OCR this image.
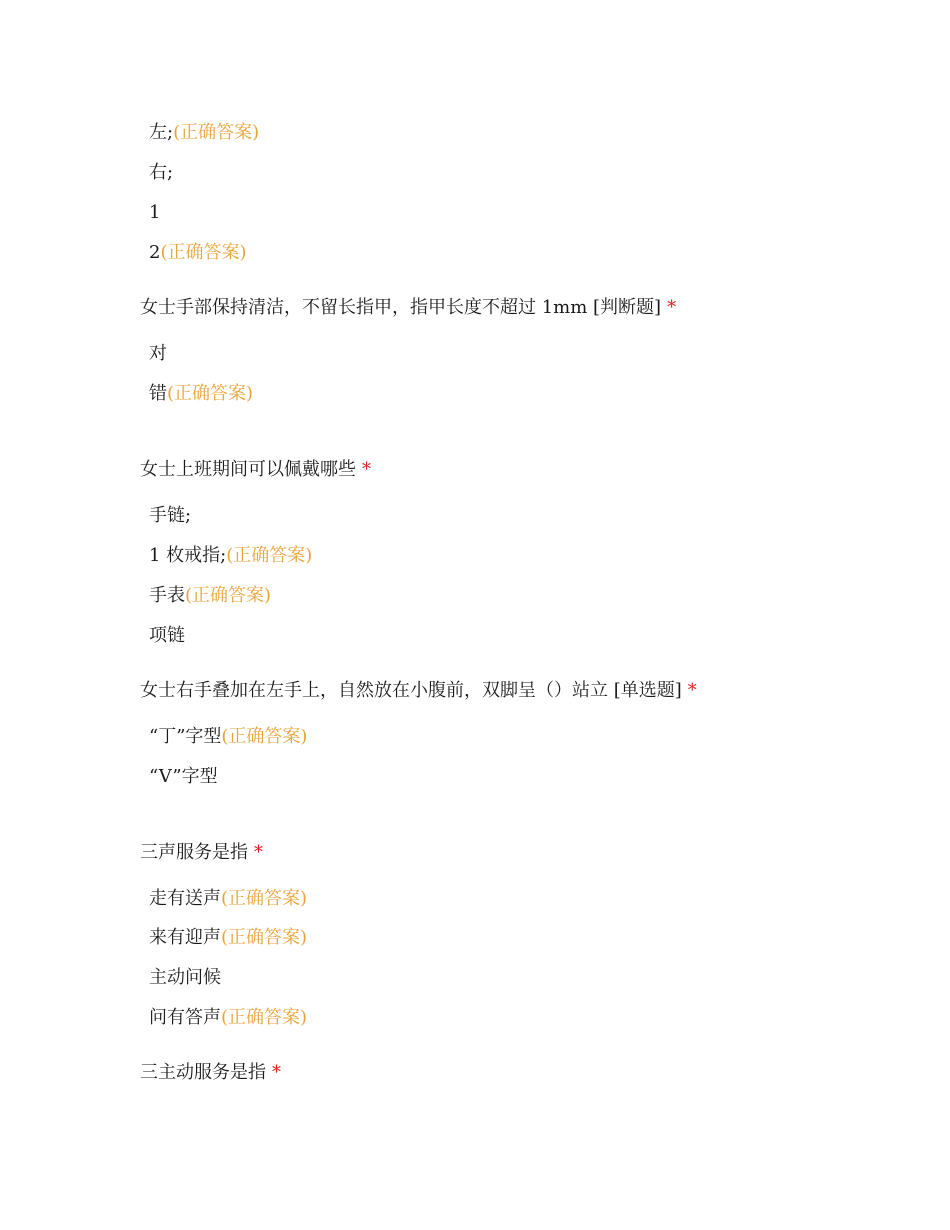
左;(正确答案)
右;
1
2(正确答案)
女士手部保持清洁，不留长指甲，指甲长度不超过 1mm [判断题] *
对
错(正确答案)
女士上班期间可以佩戴哪些 *
手链;
1 枚戒指;(正确答案)
手表(正确答案)
项链
女士右手叠加在左手上，自然放在小腹前，双脚呈（）站立 [单选题] *
“丁”字型(正确答案)
“V”字型
三声服务是指 *
走有送声(正确答案)
来有迎声(正确答案)
主动问候
问有答声(正确答案)
三主动服务是指 *
